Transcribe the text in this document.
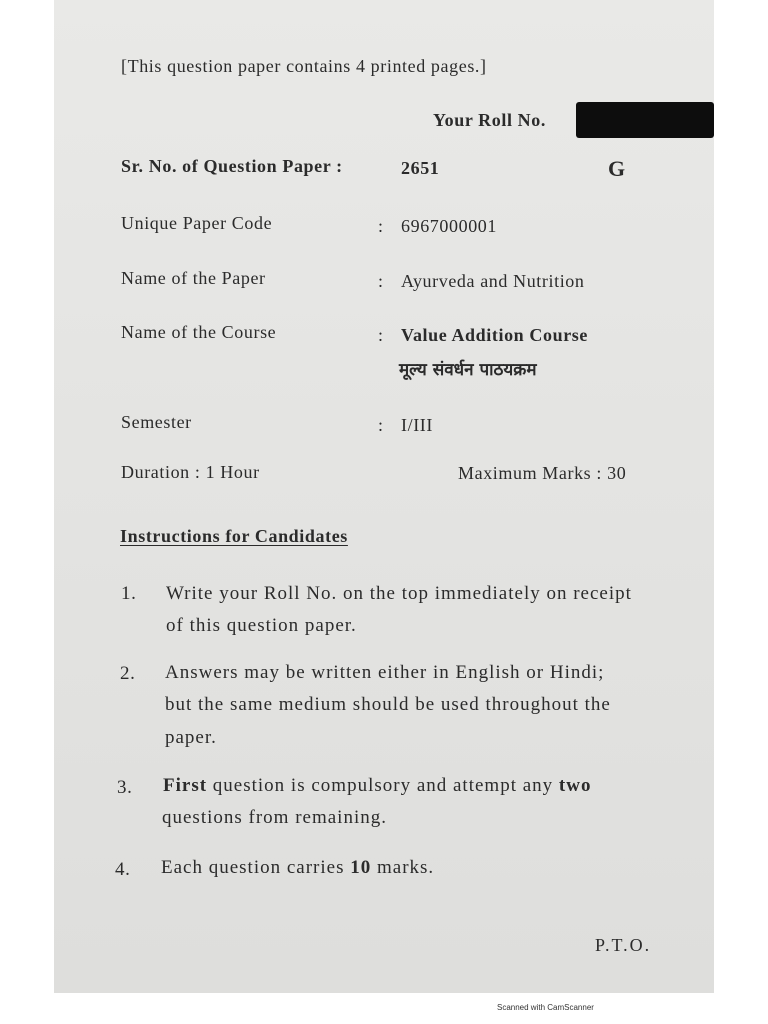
[This question paper contains 4 printed pages.]
Your Roll No.
Sr. No. of Question Paper :	2651	G
Unique Paper Code	: 6967000001
Name of the Paper	: Ayurveda and Nutrition
Name of the Course	: Value Addition Course
मूल्य संवर्धन पाठयक्रम
Semester	: I/III
Duration : 1 Hour	Maximum Marks : 30
Instructions for Candidates
1. Write your Roll No. on the top immediately on receipt
of this question paper.
2. Answers may be written either in English or Hindi;
but the same medium should be used throughout the
paper.
3. First question is compulsory and attempt any two
questions from remaining.
4. Each question carries 10 marks.
P.T.O.
Scanned with CamScanner
